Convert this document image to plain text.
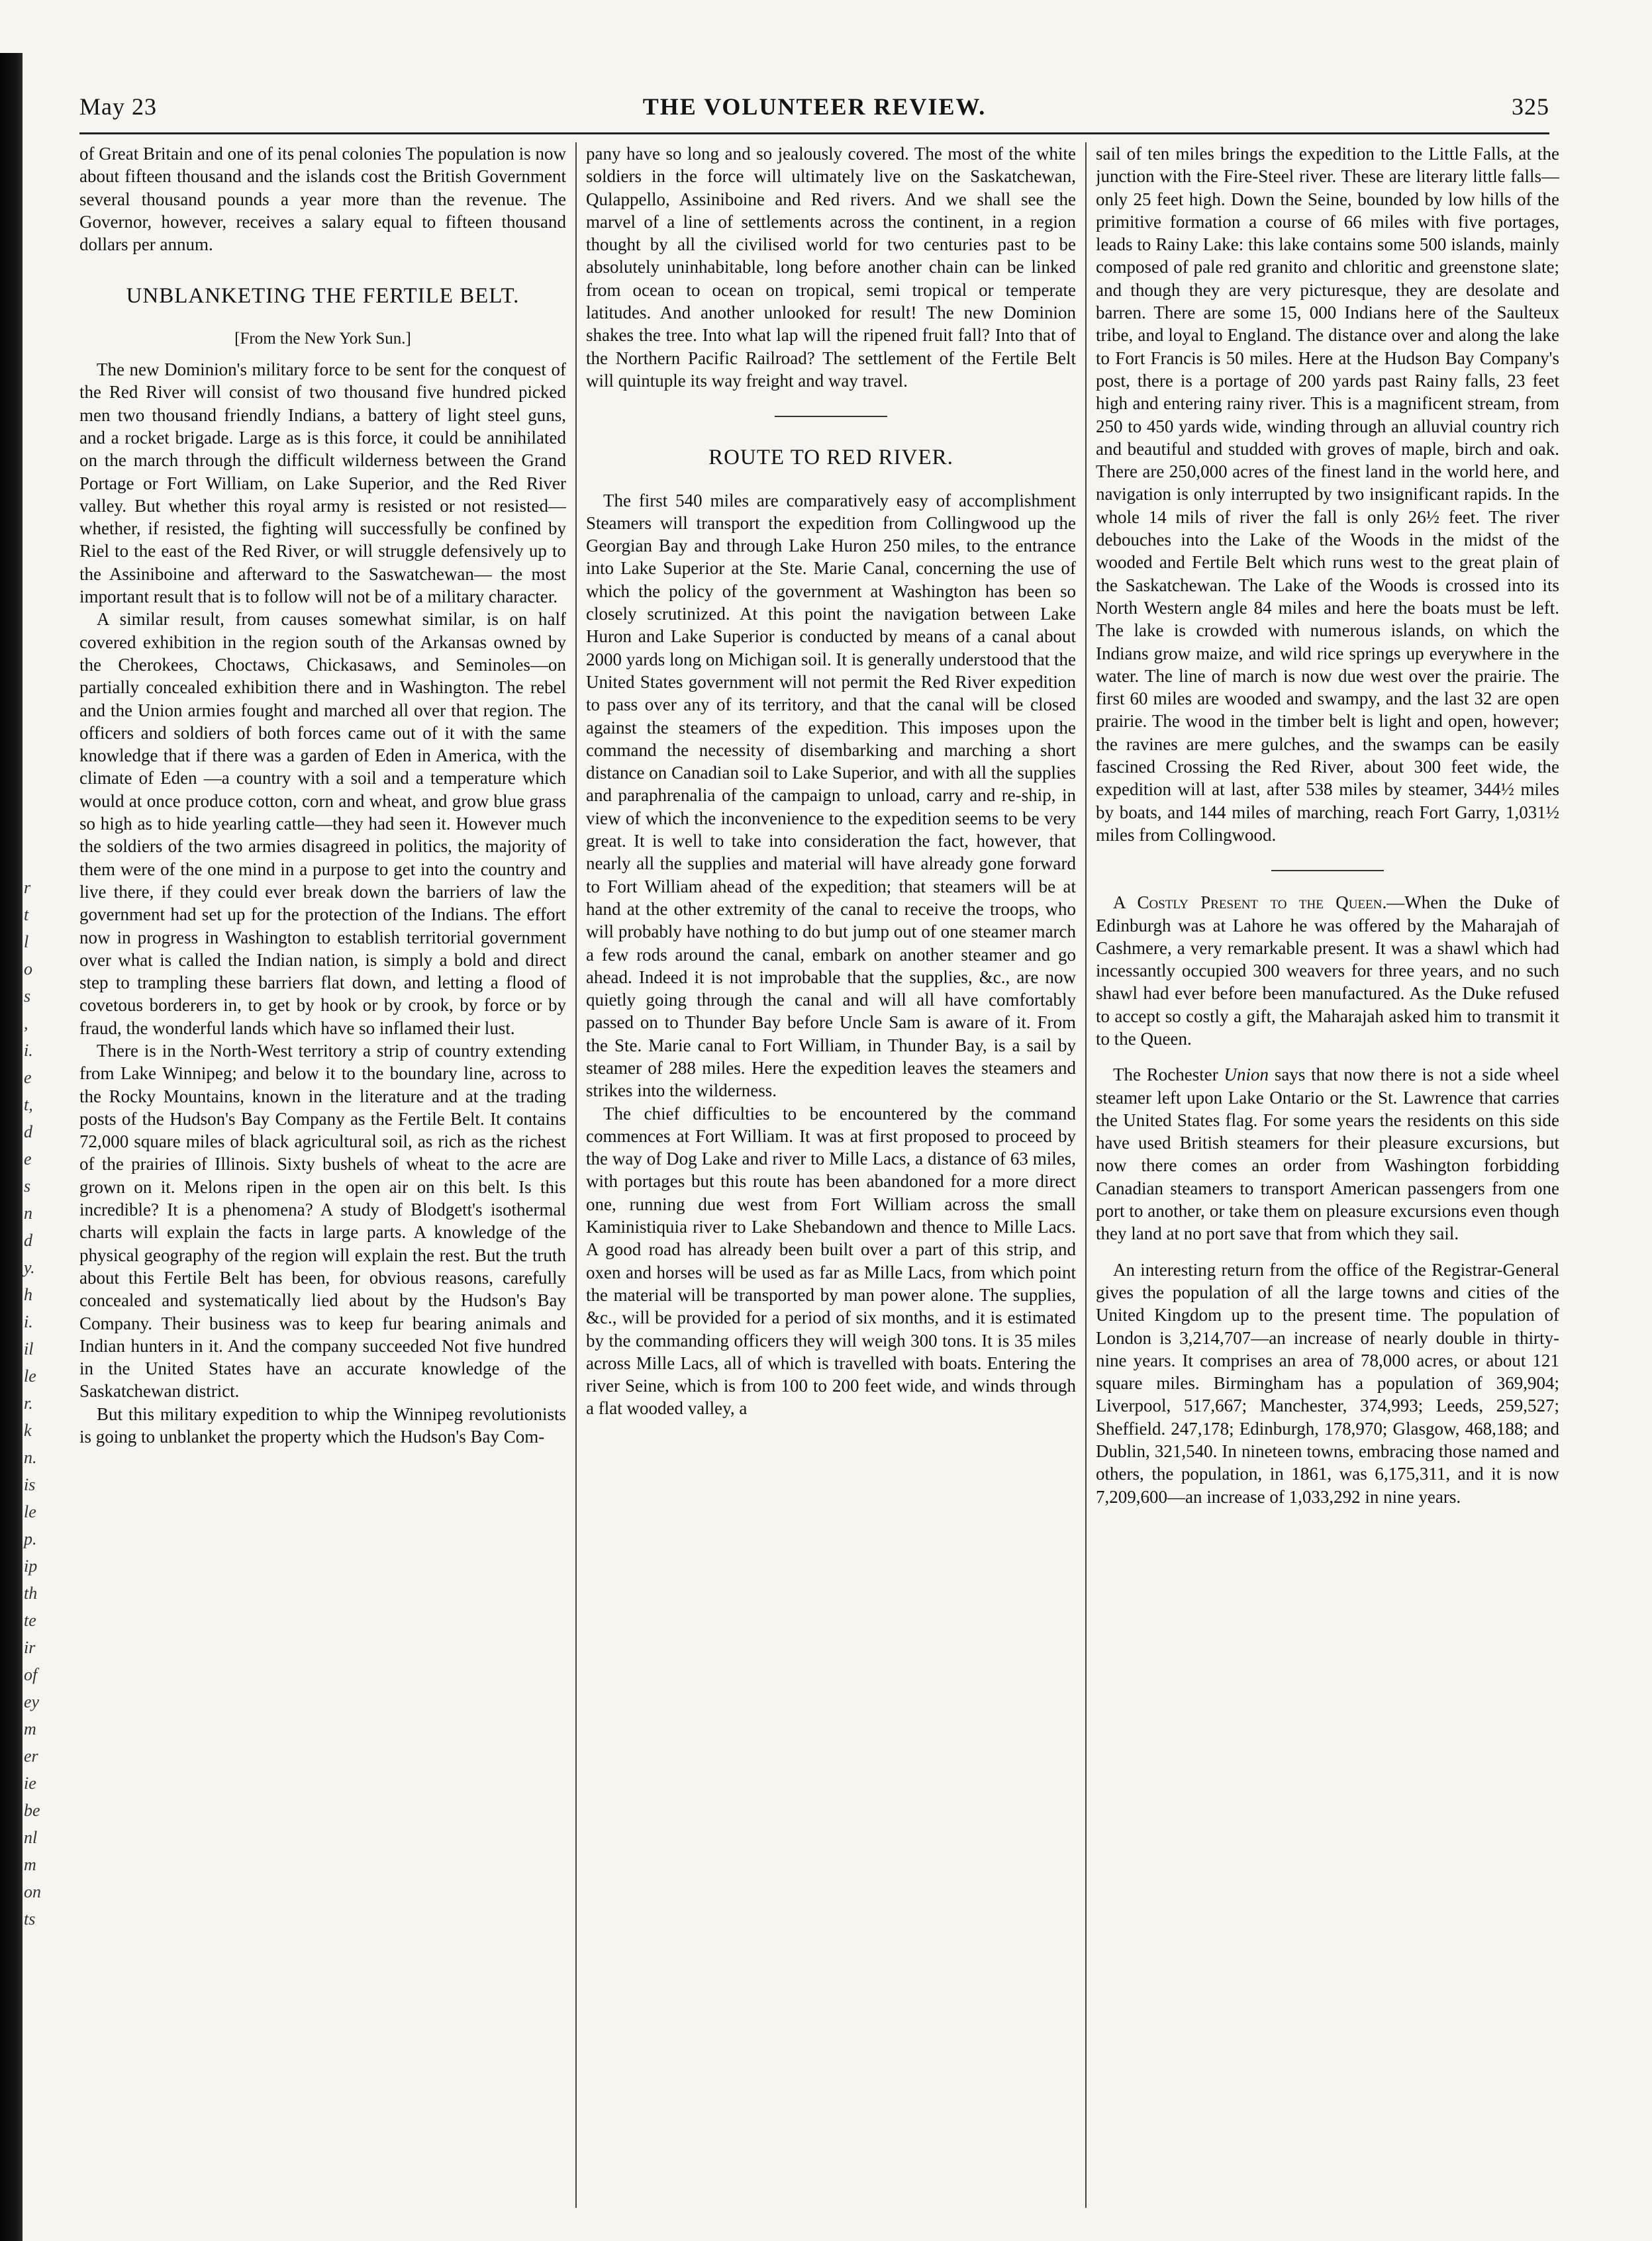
r
t
l
o
s
,
i.
e
t,
d
e
s
n
d
y.
h
i.
il
le
r.
k
n.
is
le
p.
ip
th
te
ir
of
ey
m
er
ie
be
nl
m
on
ts
May 23	THE VOLUNTEER REVIEW.	325

of Great Britain and one of its penal colonies The population is now about fifteen thousand and the islands cost the British Government several thousand pounds a year more than the revenue. The Governor, however, receives a salary equal to fifteen thousand dollars per annum.

UNBLANKETING THE FERTILE BELT.
[From the New York Sun.]

The new Dominion's military force to be sent for the conquest of the Red River will consist of two thousand five hundred picked men two thousand friendly Indians, a battery of light steel guns, and a rocket brigade. Large as is this force, it could be annihilated on the march through the difficult wilderness between the Grand Portage or Fort William, on Lake Superior, and the Red River valley. But whether this royal army is resisted or not resisted— whether, if resisted, the fighting will successfully be confined by Riel to the east of the Red River, or will struggle defensively up to the Assiniboine and afterward to the Saswatchewan— the most important result that is to follow will not be of a military character.

A similar result, from causes somewhat similar, is on half covered exhibition in the region south of the Arkansas owned by the Cherokees, Choctaws, Chickasaws, and Seminoles—on partially concealed exhibition there and in Washington. The rebel and the Union armies fought and marched all over that region. The officers and soldiers of both forces came out of it with the same knowledge that if there was a garden of Eden in America, with the climate of Eden —a country with a soil and a temperature which would at once produce cotton, corn and wheat, and grow blue grass so high as to hide yearling cattle—they had seen it. However much the soldiers of the two armies disagreed in politics, the majority of them were of the one mind in a purpose to get into the country and live there, if they could ever break down the barriers of law the government had set up for the protection of the Indians. The effort now in progress in Washington to establish territorial government over what is called the Indian nation, is simply a bold and direct step to trampling these barriers flat down, and letting a flood of covetous borderers in, to get by hook or by crook, by force or by fraud, the wonderful lands which have so inflamed their lust.

There is in the North-West territory a strip of country extending from Lake Winnipeg; and below it to the boundary line, across to the Rocky Mountains, known in the literature and at the trading posts of the Hudson's Bay Company as the Fertile Belt. It contains 72,000 square miles of black agricultural soil, as rich as the richest of the prairies of Illinois. Sixty bushels of wheat to the acre are grown on it. Melons ripen in the open air on this belt. Is this incredible? It is a phenomena? A study of Blodgett's isothermal charts will explain the facts in large parts. A knowledge of the physical geography of the region will explain the rest. But the truth about this Fertile Belt has been, for obvious reasons, carefully concealed and systematically lied about by the Hudson's Bay Company. Their business was to keep fur bearing animals and Indian hunters in it. And the company succeeded Not five hundred in the United States have an accurate knowledge of the Saskatchewan district.

But this military expedition to whip the Winnipeg revolutionists is going to unblanket the property which the Hudson's Bay Com-

pany have so long and so jealously covered. The most of the white soldiers in the force will ultimately live on the Saskatchewan, Qulappello, Assiniboine and Red rivers. And we shall see the marvel of a line of settlements across the continent, in a region thought by all the civilised world for two centuries past to be absolutely uninhabitable, long before another chain can be linked from ocean to ocean on tropical, semi tropical or temperate latitudes. And another unlooked for result! The new Dominion shakes the tree. Into what lap will the ripened fruit fall? Into that of the Northern Pacific Railroad? The settlement of the Fertile Belt will quintuple its way freight and way travel.

ROUTE TO RED RIVER.

The first 540 miles are comparatively easy of accomplishment Steamers will transport the expedition from Collingwood up the Georgian Bay and through Lake Huron 250 miles, to the entrance into Lake Superior at the Ste. Marie Canal, concerning the use of which the policy of the government at Washington has been so closely scrutinized. At this point the navigation between Lake Huron and Lake Superior is conducted by means of a canal about 2000 yards long on Michigan soil. It is generally understood that the United States government will not permit the Red River expedition to pass over any of its territory, and that the canal will be closed against the steamers of the expedition. This imposes upon the command the necessity of disembarking and marching a short distance on Canadian soil to Lake Superior, and with all the supplies and paraphrenalia of the campaign to unload, carry and re-ship, in view of which the inconvenience to the expedition seems to be very great. It is well to take into consideration the fact, however, that nearly all the supplies and material will have already gone forward to Fort William ahead of the expedition; that steamers will be at hand at the other extremity of the canal to receive the troops, who will probably have nothing to do but jump out of one steamer march a few rods around the canal, embark on another steamer and go ahead. Indeed it is not improbable that the supplies, &c., are now quietly going through the canal and will all have comfortably passed on to Thunder Bay before Uncle Sam is aware of it. From the Ste. Marie canal to Fort William, in Thunder Bay, is a sail by steamer of 288 miles. Here the expedition leaves the steamers and strikes into the wilderness.

The chief difficulties to be encountered by the command commences at Fort William. It was at first proposed to proceed by the way of Dog Lake and river to Mille Lacs, a distance of 63 miles, with portages but this route has been abandoned for a more direct one, running due west from Fort William across the small Kaministiquia river to Lake Shebandown and thence to Mille Lacs. A good road has already been built over a part of this strip, and oxen and horses will be used as far as Mille Lacs, from which point the material will be transported by man power alone. The supplies, &c., will be provided for a period of six months, and it is estimated by the commanding officers they will weigh 300 tons. It is 35 miles across Mille Lacs, all of which is travelled with boats. Entering the river Seine, which is from 100 to 200 feet wide, and winds through a flat wooded valley, a

sail of ten miles brings the expedition to the Little Falls, at the junction with the Fire-Steel river. These are literary little falls— only 25 feet high. Down the Seine, bounded by low hills of the primitive formation a course of 66 miles with five portages, leads to Rainy Lake: this lake contains some 500 islands, mainly composed of pale red granito and chloritic and greenstone slate; and though they are very picturesque, they are desolate and barren. There are some 15, 000 Indians here of the Saulteux tribe, and loyal to England. The distance over and along the lake to Fort Francis is 50 miles. Here at the Hudson Bay Company's post, there is a portage of 200 yards past Rainy falls, 23 feet high and entering rainy river. This is a magnificent stream, from 250 to 450 yards wide, winding through an alluvial country rich and beautiful and studded with groves of maple, birch and oak. There are 250,000 acres of the finest land in the world here, and navigation is only interrupted by two insignificant rapids. In the whole 14 mils of river the fall is only 26½ feet. The river debouches into the Lake of the Woods in the midst of the wooded and Fertile Belt which runs west to the great plain of the Saskatchewan. The Lake of the Woods is crossed into its North Western angle 84 miles and here the boats must be left. The lake is crowded with numerous islands, on which the Indians grow maize, and wild rice springs up everywhere in the water. The line of march is now due west over the prairie. The first 60 miles are wooded and swampy, and the last 32 are open prairie. The wood in the timber belt is light and open, however; the ravines are mere gulches, and the swamps can be easily fascined Crossing the Red River, about 300 feet wide, the expedition will at last, after 538 miles by steamer, 344½ miles by boats, and 144 miles of marching, reach Fort Garry, 1,031½ miles from Collingwood.

A Costly Present to the Queen.—When the Duke of Edinburgh was at Lahore he was offered by the Maharajah of Cashmere, a very remarkable present. It was a shawl which had incessantly occupied 300 weavers for three years, and no such shawl had ever before been manufactured. As the Duke refused to accept so costly a gift, the Maharajah asked him to transmit it to the Queen.

The Rochester Union says that now there is not a side wheel steamer left upon Lake Ontario or the St. Lawrence that carries the United States flag. For some years the residents on this side have used British steamers for their pleasure excursions, but now there comes an order from Washington forbidding Canadian steamers to transport American passengers from one port to another, or take them on pleasure excursions even though they land at no port save that from which they sail.

An interesting return from the office of the Registrar-General gives the population of all the large towns and cities of the United Kingdom up to the present time. The population of London is 3,214,707—an increase of nearly double in thirty-nine years. It comprises an area of 78,000 acres, or about 121 square miles. Birmingham has a population of 369,904; Liverpool, 517,667; Manchester, 374,993; Leeds, 259,527; Sheffield. 247,178; Edinburgh, 178,970; Glasgow, 468,188; and Dublin, 321,540. In nineteen towns, embracing those named and others, the population, in 1861, was 6,175,311, and it is now 7,209,600—an increase of 1,033,292 in nine years.
